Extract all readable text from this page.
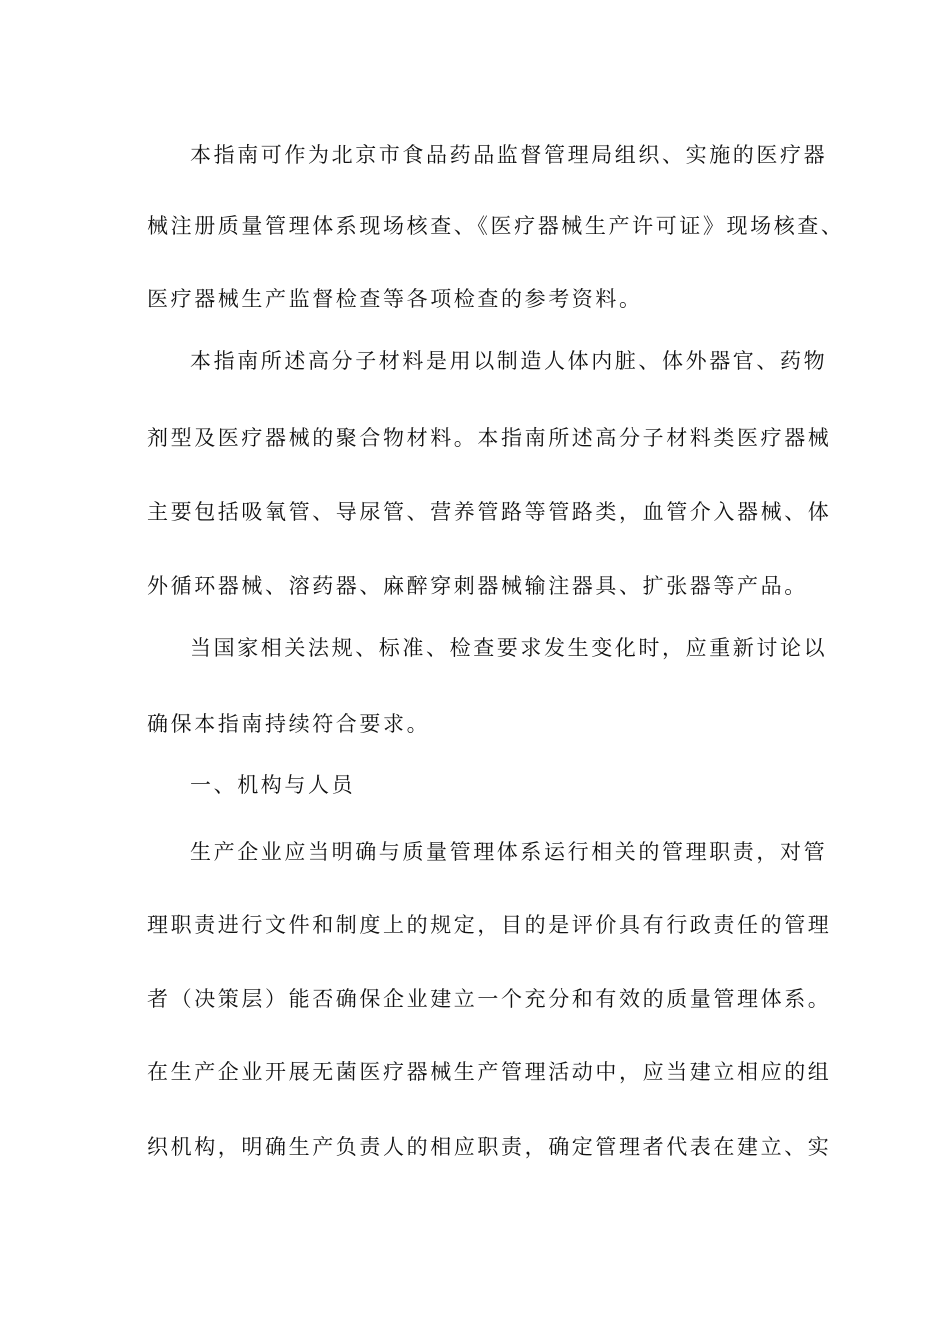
本指南可作为北京市食品药品监督管理局组织、实施的医疗器
械注册质量管理体系现场核查、《医疗器械生产许可证》现场核查、
医疗器械生产监督检查等各项检查的参考资料。
本指南所述高分子材料是用以制造人体内脏、体外器官、药物
剂型及医疗器械的聚合物材料。本指南所述高分子材料类医疗器械
主要包括吸氧管、导尿管、营养管路等管路类，血管介入器械、体
外循环器械、溶药器、麻醉穿刺器械输注器具、扩张器等产品。
当国家相关法规、标准、检查要求发生变化时，应重新讨论以
确保本指南持续符合要求。
一、机构与人员
生产企业应当明确与质量管理体系运行相关的管理职责，对管
理职责进行文件和制度上的规定，目的是评价具有行政责任的管理
者（决策层）能否确保企业建立一个充分和有效的质量管理体系。
在生产企业开展无菌医疗器械生产管理活动中，应当建立相应的组
织机构，明确生产负责人的相应职责，确定管理者代表在建立、实
